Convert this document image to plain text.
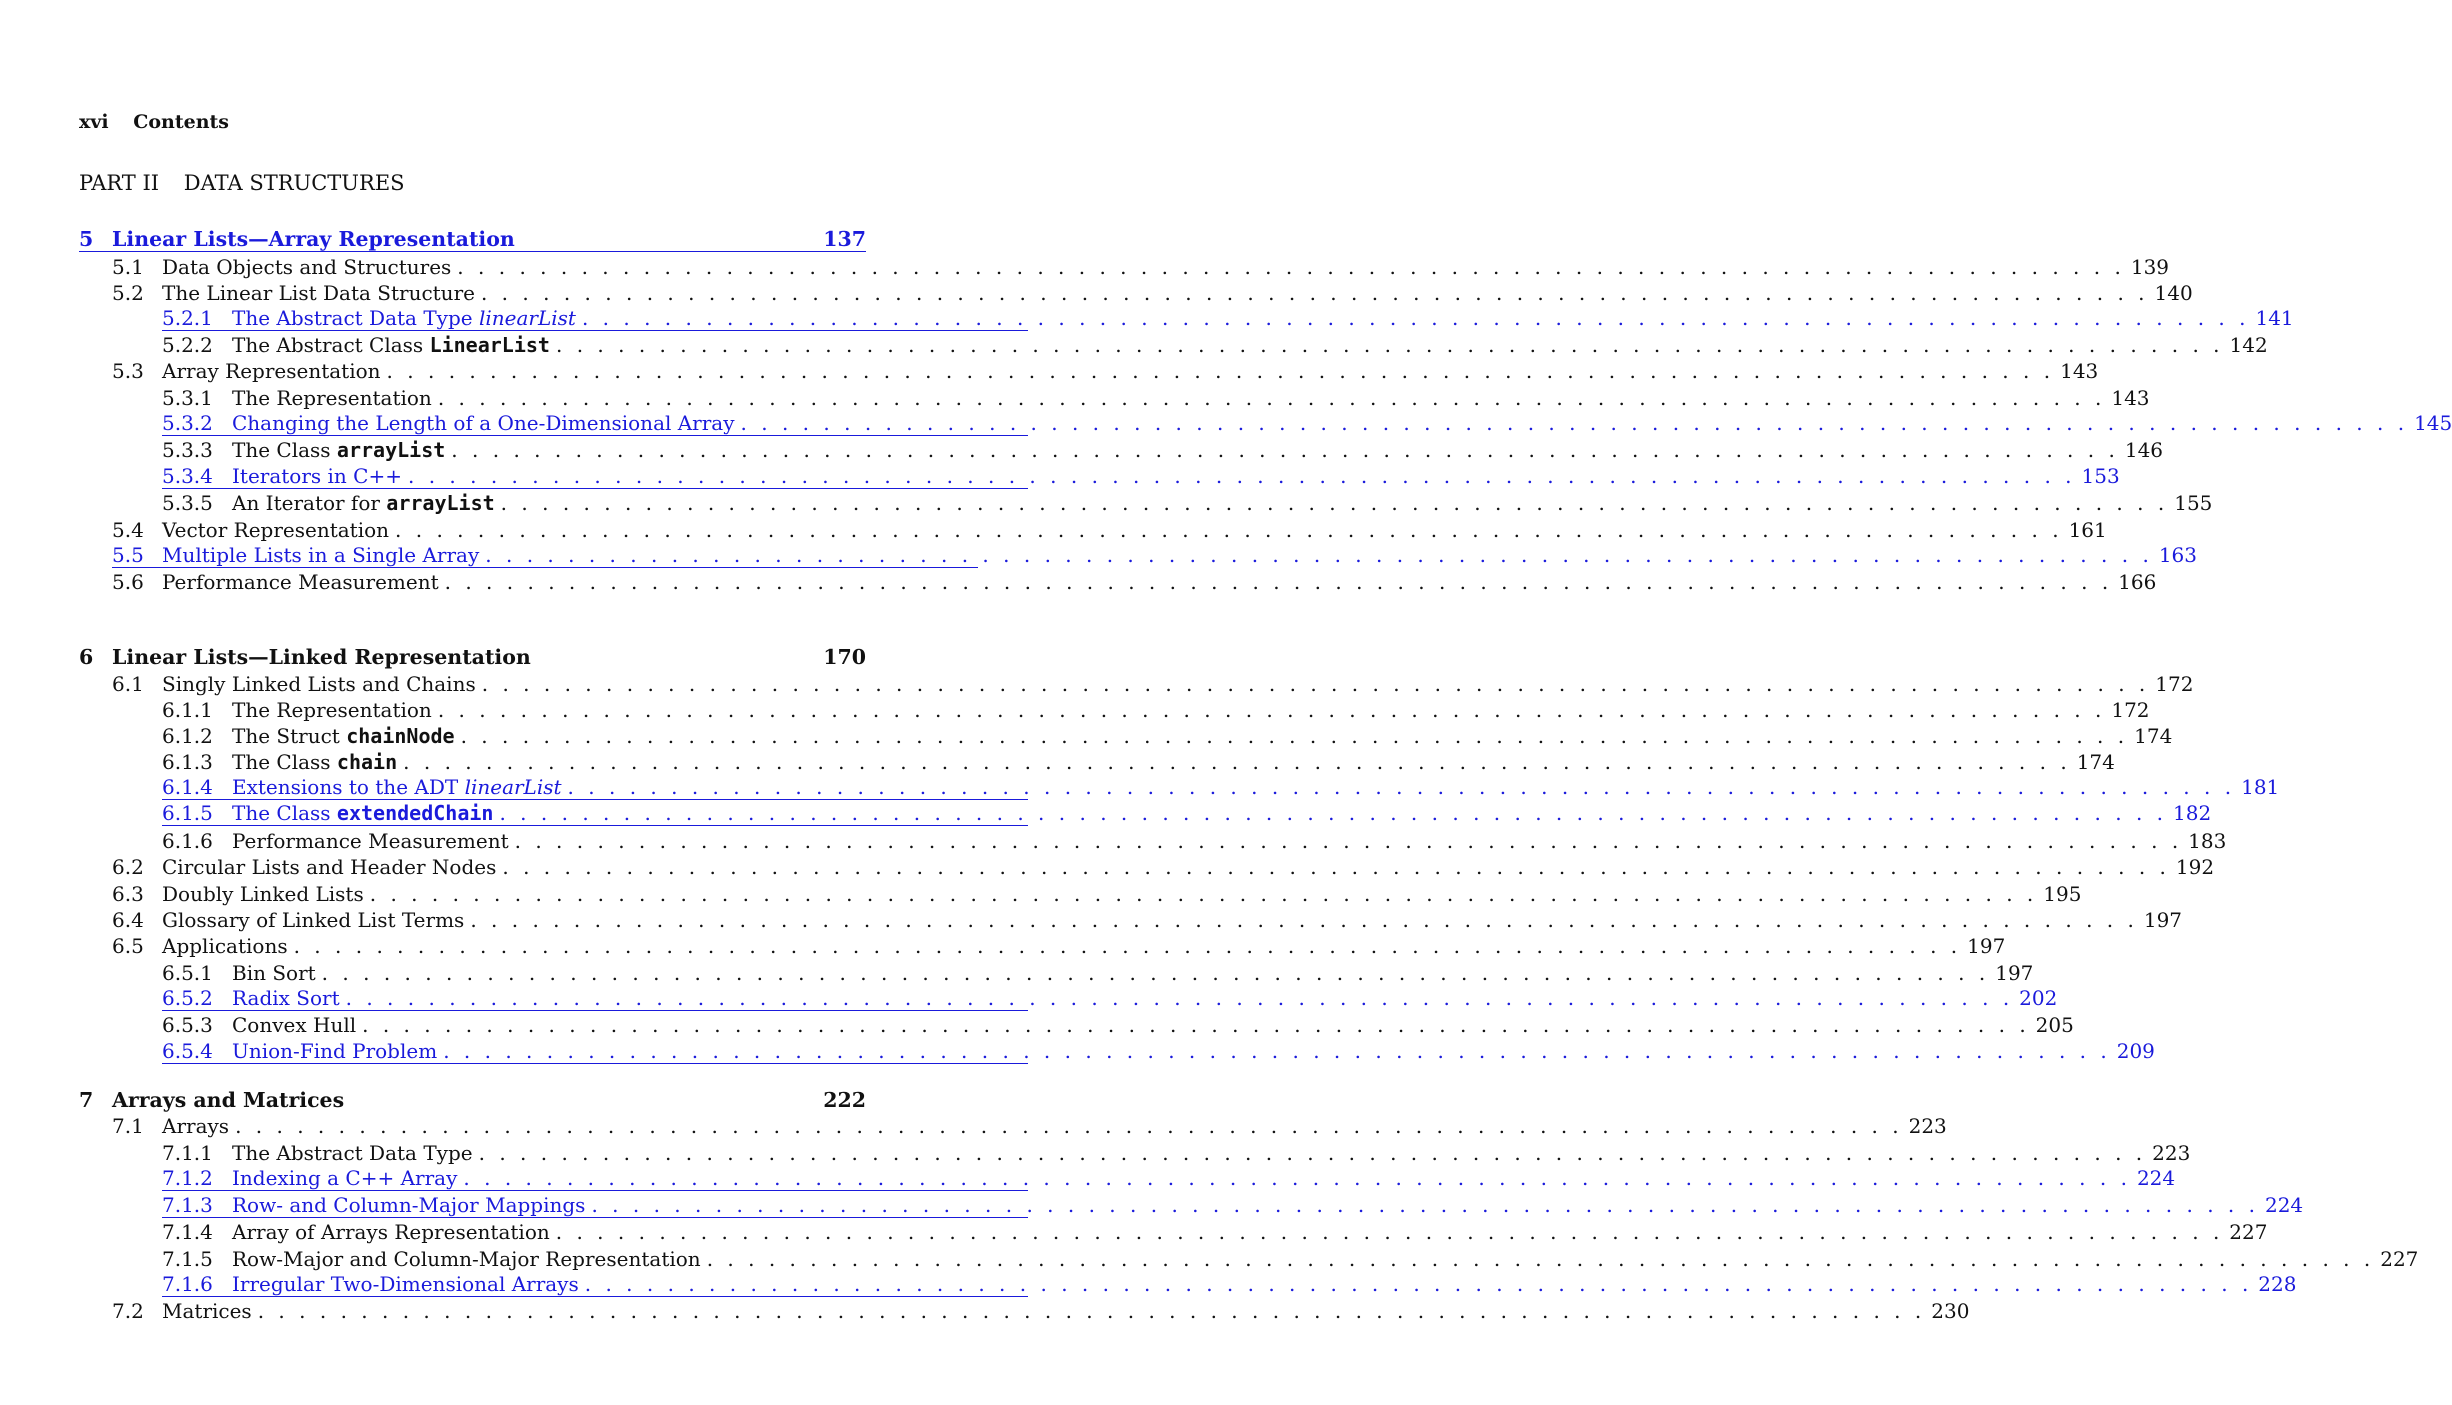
xvi Contents
PART II DATA STRUCTURES
5 Linear Lists—Array Representation	137
5.1 Data Objects and Structures . . .	139
5.2 The Linear List Data Structure . . .	140
5.2.1 The Abstract Data Type linearList . . .	141
5.2.2 The Abstract Class LinearList . . .	142
5.3 Array Representation . . .	143
5.3.1 The Representation . . .	143
5.3.2 Changing the Length of a One-Dimensional Array . . .	145
5.3.3 The Class arrayList . . .	146
5.3.4 Iterators in C++ . . .	153
5.3.5 An Iterator for arrayList . . .	155
5.4 Vector Representation . . .	161
5.5 Multiple Lists in a Single Array . . .	163
5.6 Performance Measurement . . .	166
6 Linear Lists—Linked Representation	170
6.1 Singly Linked Lists and Chains . . .	172
6.1.1 The Representation . . .	172
6.1.2 The Struct chainNode . . .	174
6.1.3 The Class chain . . .	174
6.1.4 Extensions to the ADT linearList . . .	181
6.1.5 The Class extendedChain . . .	182
6.1.6 Performance Measurement . . .	183
6.2 Circular Lists and Header Nodes . . .	192
6.3 Doubly Linked Lists . . .	195
6.4 Glossary of Linked List Terms . . .	197
6.5 Applications . . .	197
6.5.1 Bin Sort . . .	197
6.5.2 Radix Sort . . .	202
6.5.3 Convex Hull . . .	205
6.5.4 Union-Find Problem . . .	209
7 Arrays and Matrices	222
7.1 Arrays . . .	223
7.1.1 The Abstract Data Type . . .	223
7.1.2 Indexing a C++ Array . . .	224
7.1.3 Row- and Column-Major Mappings . . .	224
7.1.4 Array of Arrays Representation . . .	227
7.1.5 Row-Major and Column-Major Representation . . .	227
7.1.6 Irregular Two-Dimensional Arrays . . .	228
7.2 Matrices . . .	230
